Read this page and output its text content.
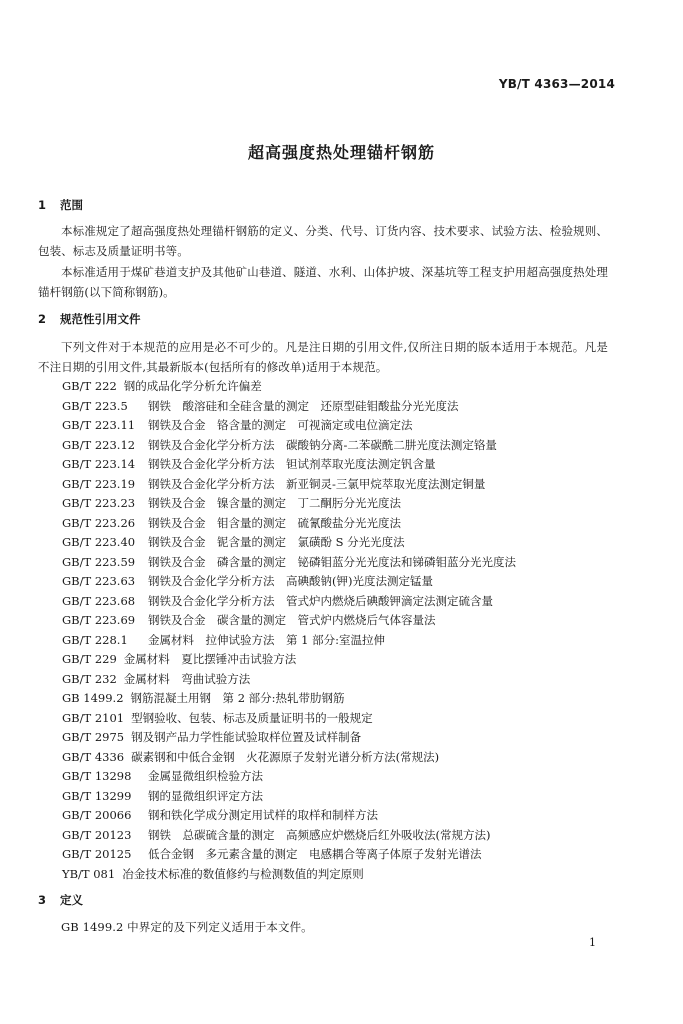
YB/T 4363—2014
超高强度热处理锚杆钢筋
1 范围
本标准规定了超高强度热处理锚杆钢筋的定义、分类、代号、订货内容、技术要求、试验方法、检验规则、包装、标志及质量证明书等。
本标准适用于煤矿巷道支护及其他矿山巷道、隧道、水利、山体护坡、深基坑等工程支护用超高强度热处理锚杆钢筋(以下简称钢筋)。
2 规范性引用文件
下列文件对于本规范的应用是必不可少的。凡是注日期的引用文件,仅所注日期的版本适用于本规范。凡是不注日期的引用文件,其最新版本(包括所有的修改单)适用于本规范。
GB/T 222 钢的成品化学分析允许偏差
GB/T 223.5 钢铁　酸溶硅和全硅含量的测定　还原型硅钼酸盐分光光度法
GB/T 223.11 钢铁及合金　铬含量的测定　可视滴定或电位滴定法
GB/T 223.12 钢铁及合金化学分析方法　碳酸钠分离-二苯碳酰二肼光度法测定铬量
GB/T 223.14 钢铁及合金化学分析方法　钽试剂萃取光度法测定钒含量
GB/T 223.19 钢铁及合金化学分析方法　新亚铜灵-三氯甲烷萃取光度法测定铜量
GB/T 223.23 钢铁及合金　镍含量的测定　丁二酮肟分光光度法
GB/T 223.26 钢铁及合金　钼含量的测定　硫氰酸盐分光光度法
GB/T 223.40 钢铁及合金　铌含量的测定　氯磺酚 S 分光光度法
GB/T 223.59 钢铁及合金　磷含量的测定　铋磷钼蓝分光光度法和锑磷钼蓝分光光度法
GB/T 223.63 钢铁及合金化学分析方法　高碘酸钠(钾)光度法测定锰量
GB/T 223.68 钢铁及合金化学分析方法　管式炉内燃烧后碘酸钾滴定法测定硫含量
GB/T 223.69 钢铁及合金　碳含量的测定　管式炉内燃烧后气体容量法
GB/T 228.1 金属材料　拉伸试验方法　第 1 部分:室温拉伸
GB/T 229 金属材料　夏比摆锤冲击试验方法
GB/T 232 金属材料　弯曲试验方法
GB 1499.2 钢筋混凝土用钢　第 2 部分:热轧带肋钢筋
GB/T 2101 型钢验收、包装、标志及质量证明书的一般规定
GB/T 2975 钢及钢产品力学性能试验取样位置及试样制备
GB/T 4336 碳素钢和中低合金钢　火花源原子发射光谱分析方法(常规法)
GB/T 13298 金属显微组织检验方法
GB/T 13299 钢的显微组织评定方法
GB/T 20066 钢和铁化学成分测定用试样的取样和制样方法
GB/T 20123 钢铁　总碳硫含量的测定　高频感应炉燃烧后红外吸收法(常规方法)
GB/T 20125 低合金钢　多元素含量的测定　电感耦合等离子体原子发射光谱法
YB/T 081 冶金技术标准的数值修约与检测数值的判定原则
3 定义
GB 1499.2 中界定的及下列定义适用于本文件。
1
